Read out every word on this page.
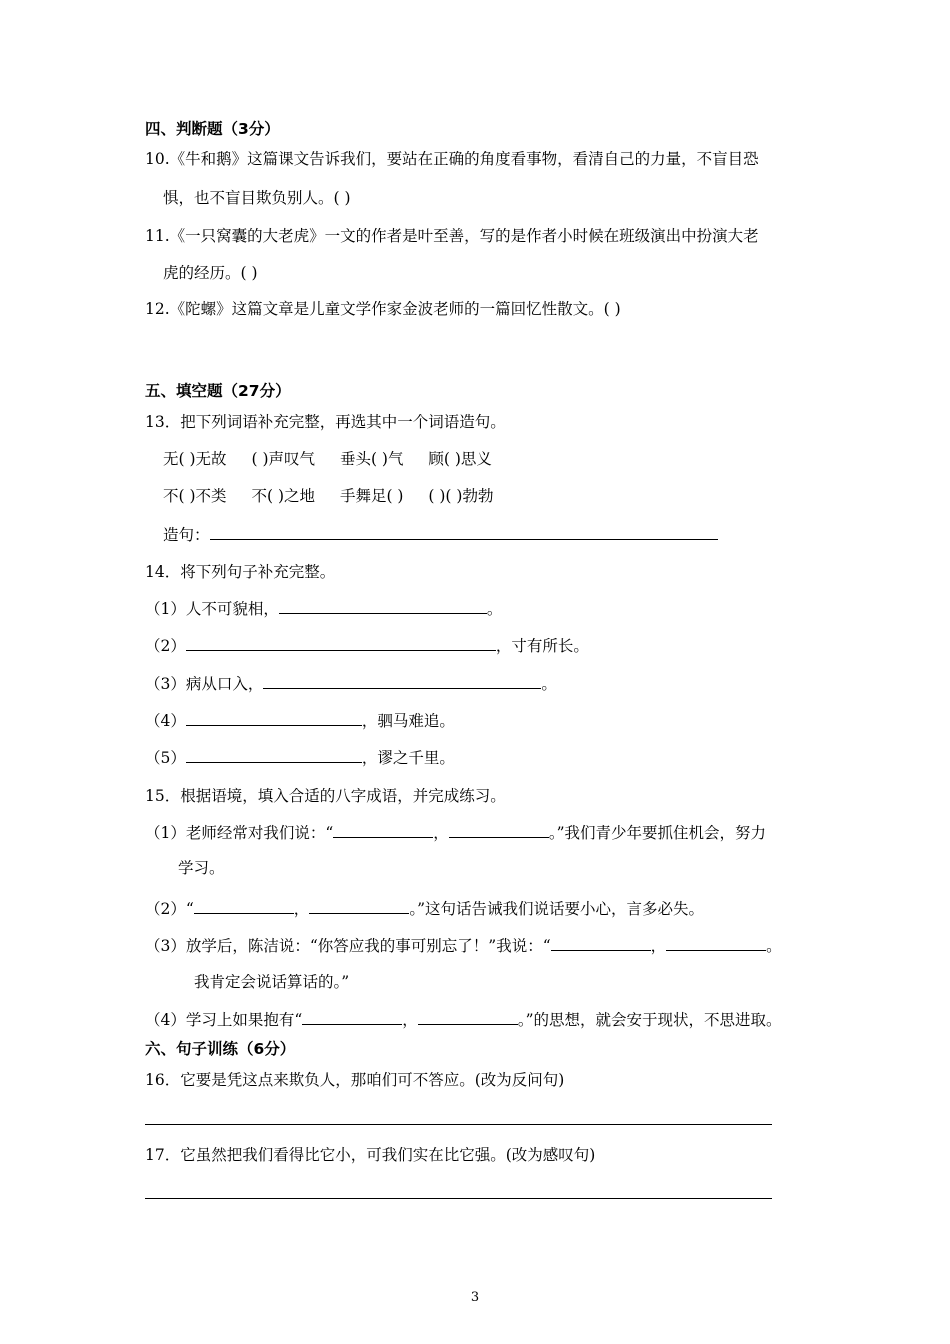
四、判断题（3分）
10.《牛和鹅》这篇课文告诉我们，要站在正确的角度看事物，看清自己的力量，不盲目恐
惧，也不盲目欺负别人。( )
11.《一只窝囊的大老虎》一文的作者是叶至善，写的是作者小时候在班级演出中扮演大老
虎的经历。( )
12.《陀螺》这篇文章是儿童文学作家金波老师的一篇回忆性散文。( )
五、填空题（27分）
13．把下列词语补充完整，再选其中一个词语造句。
无( )无故 ( )声叹气 垂头( )气 顾( )思义
不( )不类 不( )之地 手舞足( ) ( )( )勃勃
造句：
14．将下列句子补充完整。
（1）人不可貌相，	。
（2）	，寸有所长。
（3）病从口入，	。
（4）	，驷马难追。
（5）	，谬之千里。
15．根据语境，填入合适的八字成语，并完成练习。
（1）老师经常对我们说：“	，	。”我们青少年要抓住机会，努力
学习。
（2）“	，	。”这句话告诫我们说话要小心，言多必失。
（3）放学后，陈洁说：“你答应我的事可别忘了！”我说：“	，	。
我肯定会说话算话的。”
（4）学习上如果抱有“	，	。”的思想，就会安于现状，不思进取。
六、句子训练（6分）
16．它要是凭这点来欺负人，那咱们可不答应。(改为反问句)
17．它虽然把我们看得比它小，可我们实在比它强。(改为感叹句)
3
